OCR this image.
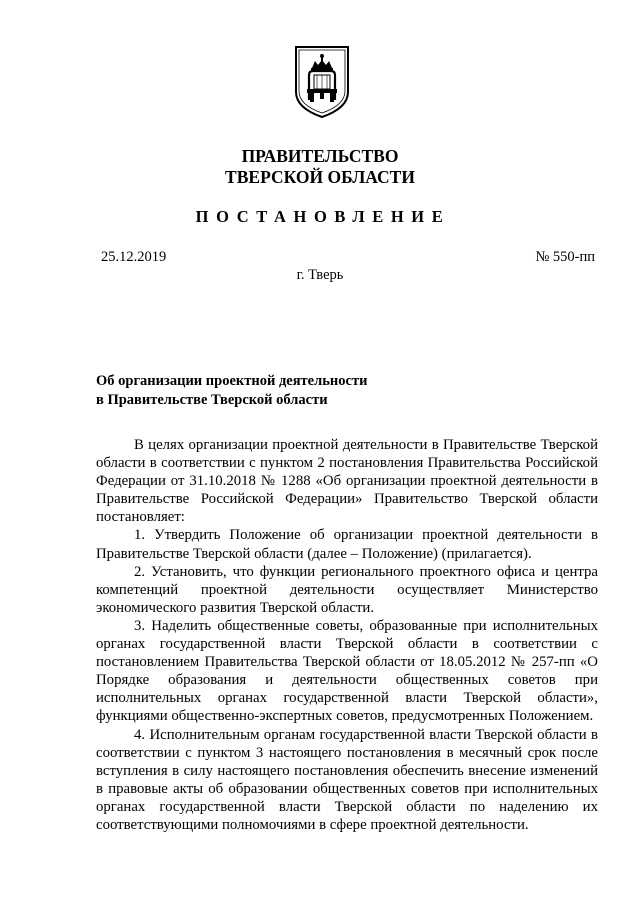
ПРАВИТЕЛЬСТВО
ТВЕРСКОЙ ОБЛАСТИ
ПОСТАНОВЛЕНИЕ
25.12.2019	№ 550-пп
г. Тверь
Об организации проектной деятельности
в Правительстве Тверской области

В целях организации проектной деятельности в Правительстве Тверской области в соответствии с пунктом 2 постановления Правительства Российской Федерации от 31.10.2018 № 1288 «Об организации проектной деятельности в Правительстве Российской Федерации» Правительство Тверской области постановляет:

1. Утвердить Положение об организации проектной деятельности в Правительстве Тверской области (далее – Положение) (прилагается).

2. Установить, что функции регионального проектного офиса и центра компетенций проектной деятельности осуществляет Министерство экономического развития Тверской области.

3. Наделить общественные советы, образованные при исполнительных органах государственной власти Тверской области в соответствии с постановлением Правительства Тверской области от 18.05.2012 № 257-пп «О Порядке образования и деятельности общественных советов при исполнительных органах государственной власти Тверской области», функциями общественно-экспертных советов, предусмотренных Положением.

4. Исполнительным органам государственной власти Тверской области в соответствии с пунктом 3 настоящего постановления в месячный срок после вступления в силу настоящего постановления обеспечить внесение изменений в правовые акты об образовании общественных советов при исполнительных органах государственной власти Тверской области по наделению их соответствующими полномочиями в сфере проектной деятельности.
